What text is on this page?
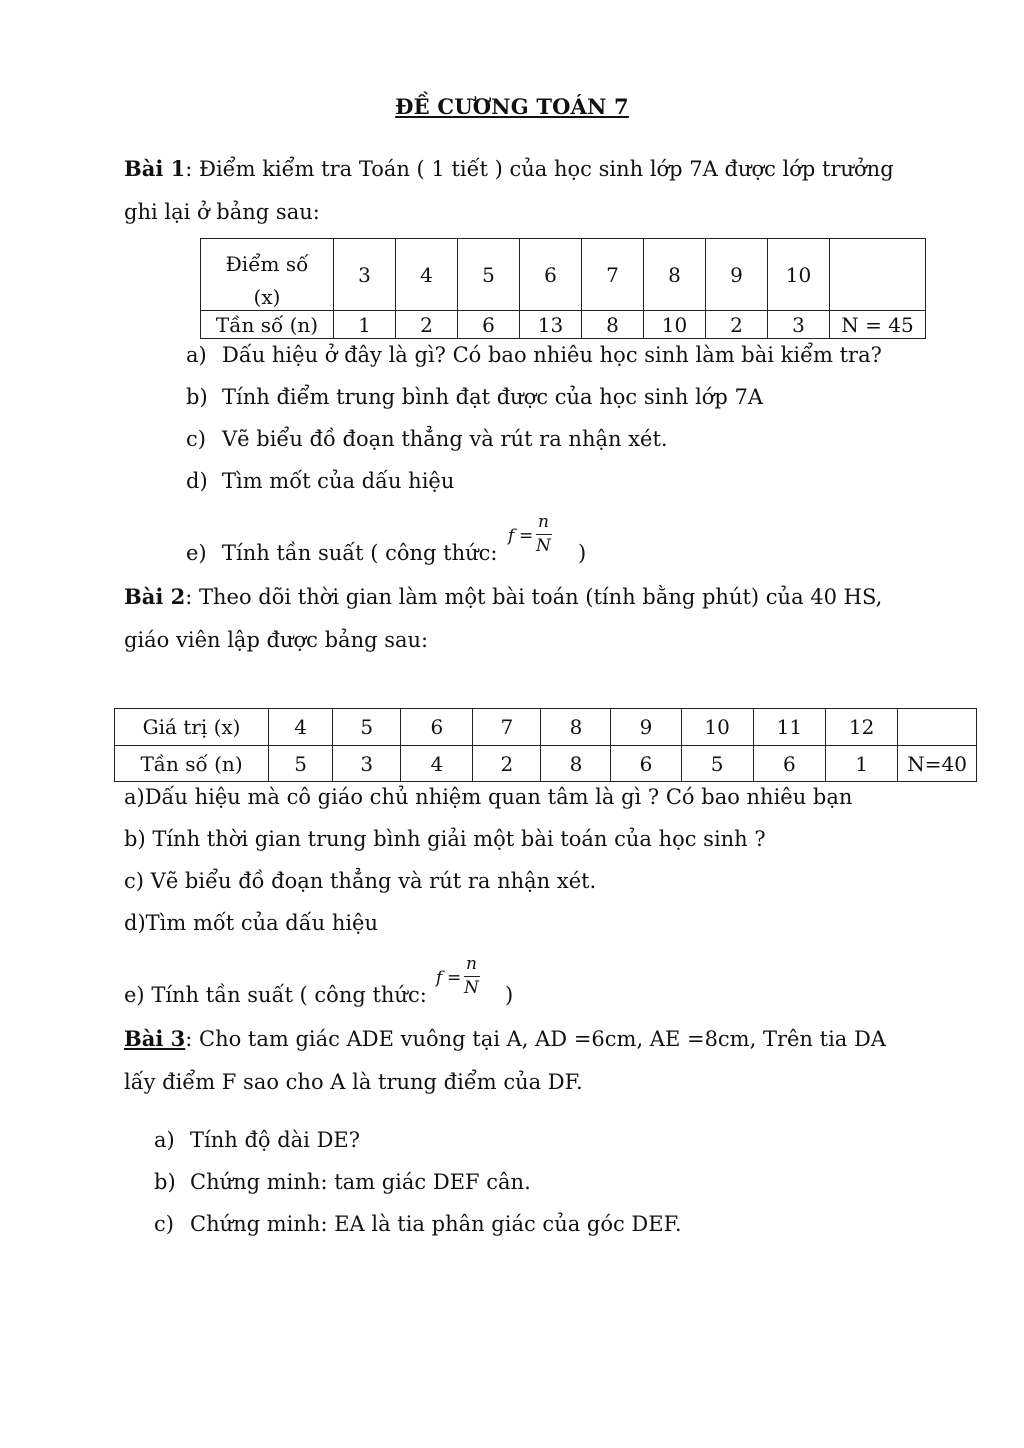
ĐỀ CƯƠNG TOÁN 7
Bài 1: Điểm kiểm tra Toán ( 1 tiết ) của học sinh lớp 7A được lớp trưởng ghi lại ở bảng sau:
Điểm số
(x)	3	4	5	6	7	8	9	10	
Tần số (n)	1	2	6	13	8	10	2	3	N = 45
a) Dấu hiệu ở đây là gì? Có bao nhiêu học sinh làm bài kiểm tra?
b) Tính điểm trung bình đạt được của học sinh lớp 7A
c) Vẽ biểu đồ đoạn thẳng và rút ra nhận xét.
d) Tìm mốt của dấu hiệu
e) Tính tần suất ( công thức:
f =
n
N )
Bài 2: Theo dõi thời gian làm một bài toán (tính bằng phút) của 40 HS, giáo viên lập được bảng sau:
Giá trị (x)	4	5	6	7	8	9	10	11	12	
Tần số (n)	5	3	4	2	8	6	5	6	1	N=40
a)Dấu hiệu mà cô giáo chủ nhiệm quan tâm là gì ? Có bao nhiêu bạn
b) Tính thời gian trung bình giải một bài toán của học sinh ?
c) Vẽ biểu đồ đoạn thẳng và rút ra nhận xét.
d)Tìm mốt của dấu hiệu
e) Tính tần suất ( công thức:
f =
n
N )
Bài 3: Cho tam giác ADE vuông tại A, AD =6cm, AE =8cm, Trên tia DA lấy điểm F sao cho A là trung điểm của DF.
a) Tính độ dài DE?
b) Chứng minh: tam giác DEF cân.
c) Chứng minh: EA là tia phân giác của góc DEF.
